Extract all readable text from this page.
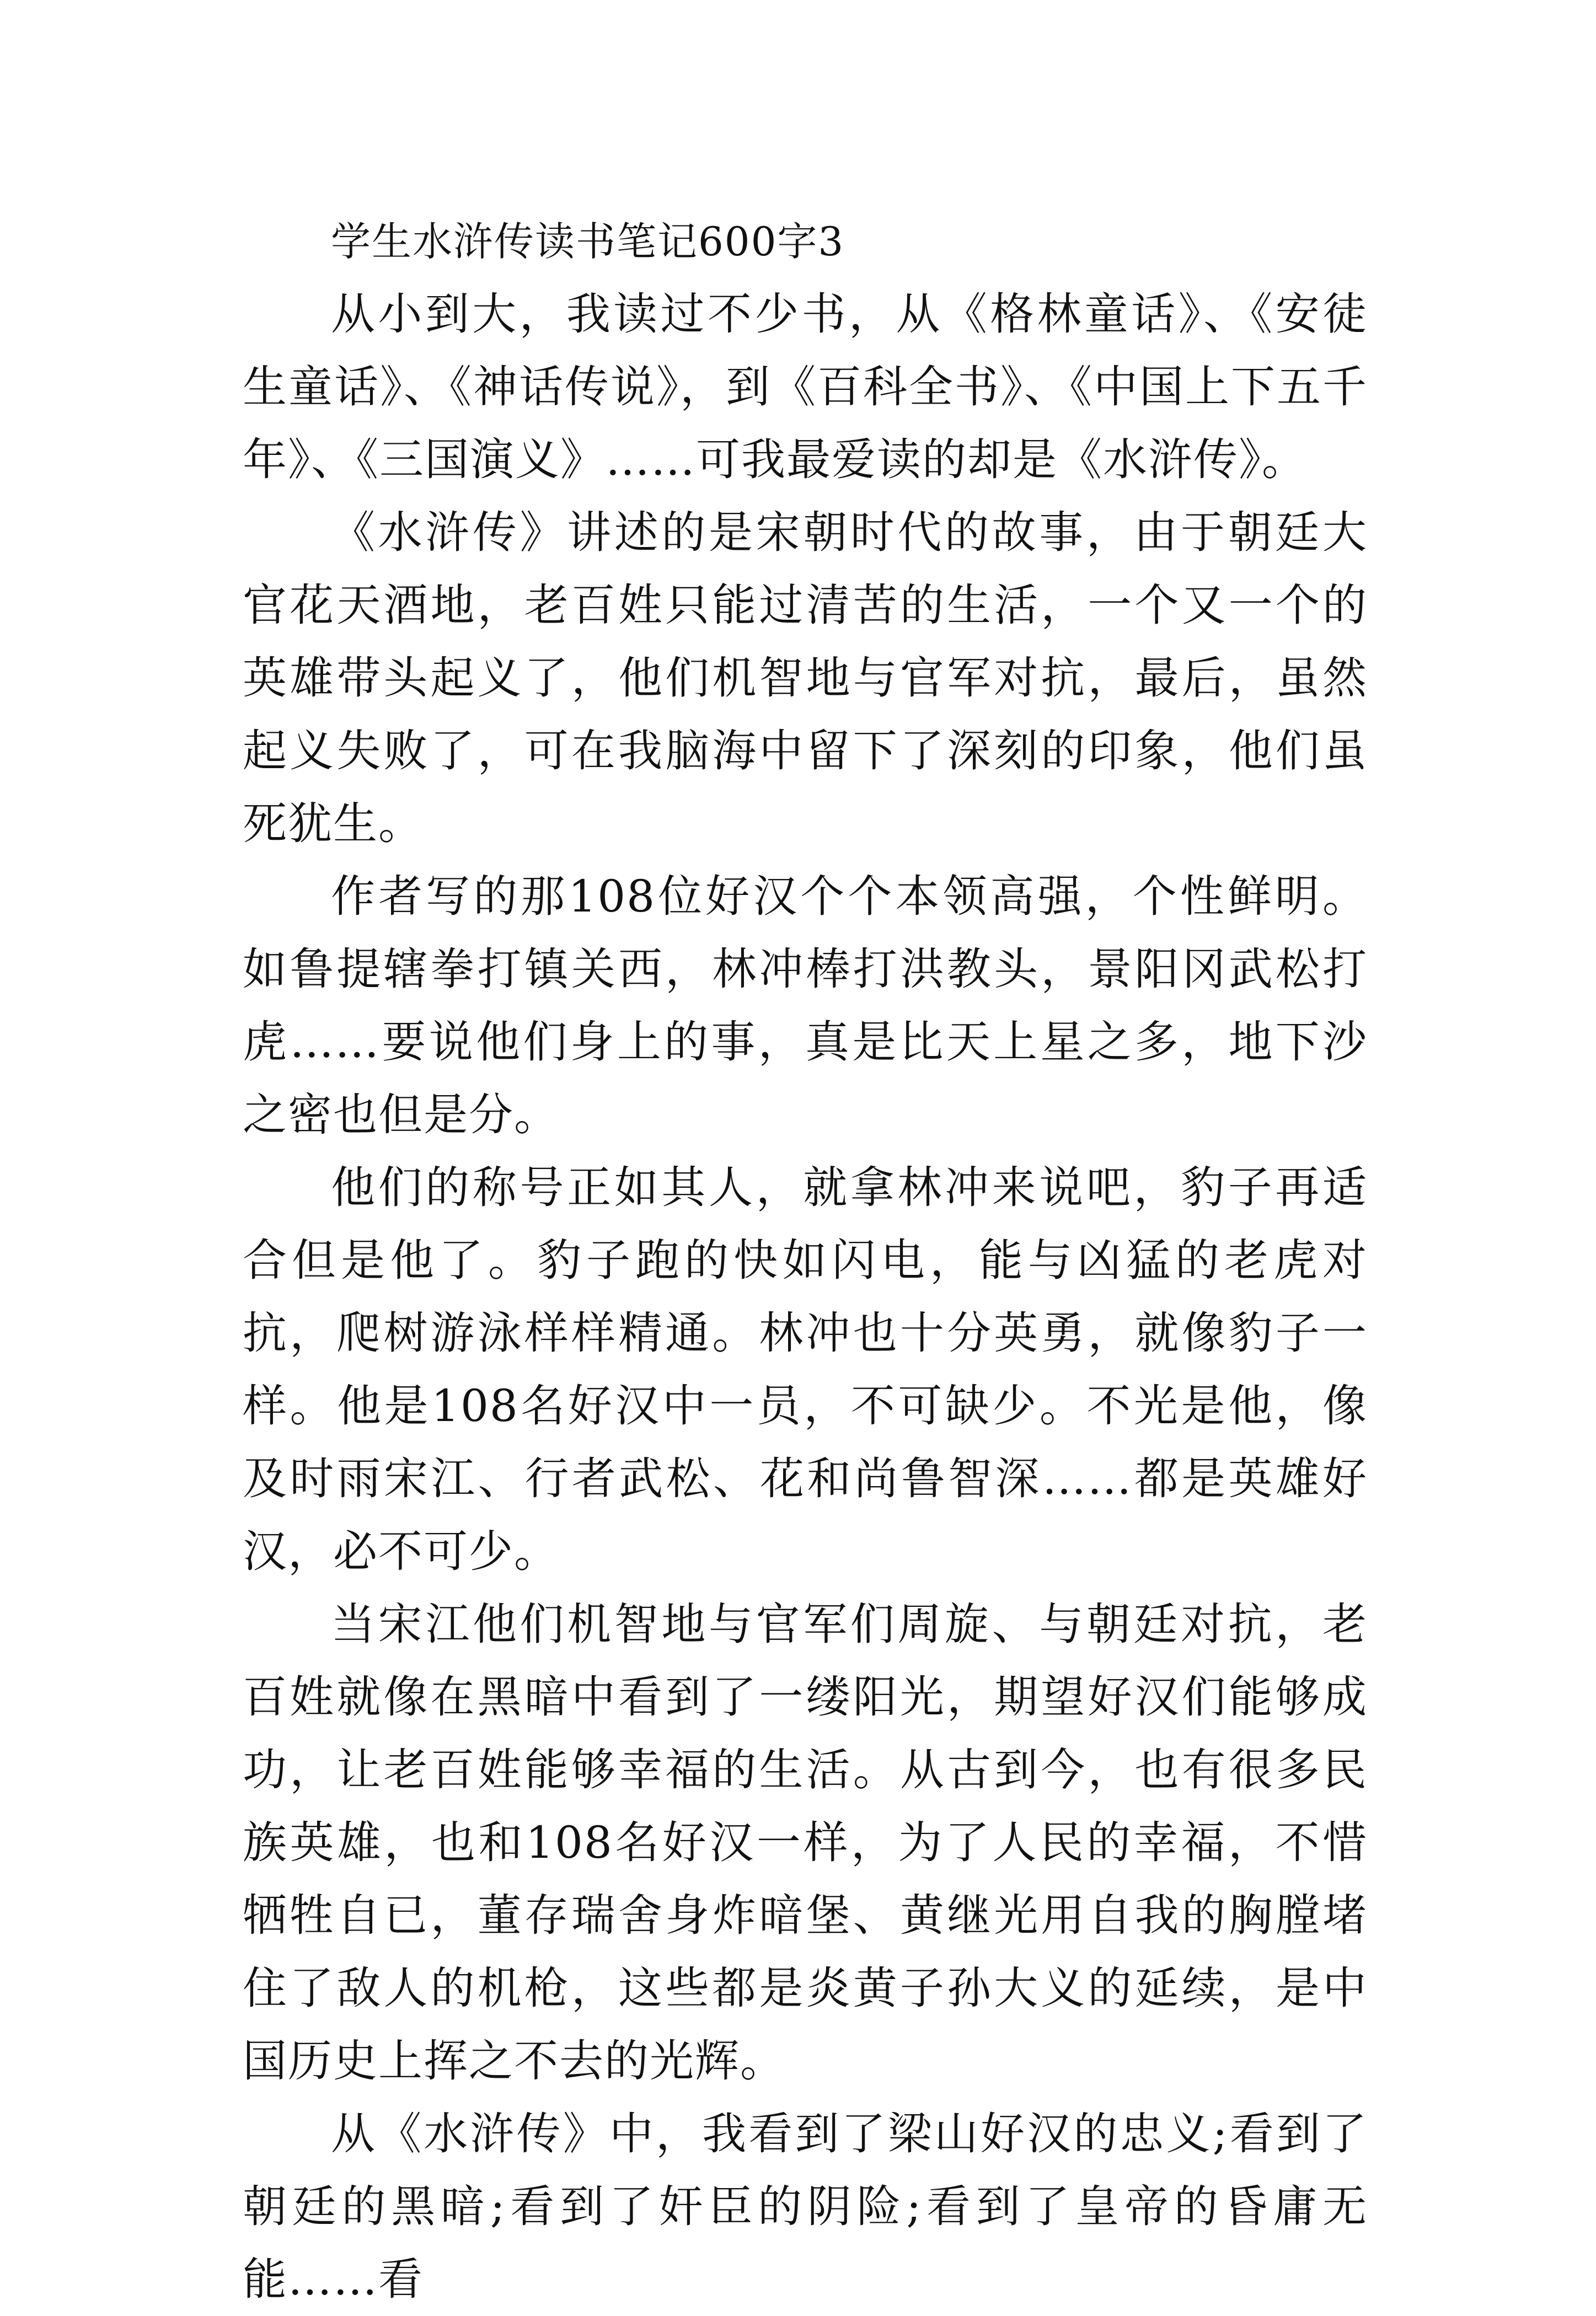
学生水浒传读书笔记600字3

从小到大，我读过不少书，从《格林童话》、《安徒生童话》、《神话传说》，到《百科全书》、《中国上下五千年》、《三国演义》……可我最爱读的却是《水浒传》。

《水浒传》讲述的是宋朝时代的故事，由于朝廷大官花天酒地，老百姓只能过清苦的生活，一个又一个的英雄带头起义了，他们机智地与官军对抗，最后，虽然起义失败了，可在我脑海中留下了深刻的印象，他们虽死犹生。

作者写的那108位好汉个个本领高强，个性鲜明。如鲁提辖拳打镇关西，林冲棒打洪教头，景阳冈武松打虎……要说他们身上的事，真是比天上星之多，地下沙之密也但是分。

他们的称号正如其人，就拿林冲来说吧，豹子再适合但是他了。豹子跑的快如闪电，能与凶猛的老虎对抗，爬树游泳样样精通。林冲也十分英勇，就像豹子一样。他是108名好汉中一员，不可缺少。不光是他，像及时雨宋江、行者武松、花和尚鲁智深……都是英雄好汉，必不可少。

当宋江他们机智地与官军们周旋、与朝廷对抗，老百姓就像在黑暗中看到了一缕阳光，期望好汉们能够成功，让老百姓能够幸福的生活。从古到今，也有很多民族英雄，也和108名好汉一样，为了人民的幸福，不惜牺牲自已，董存瑞舍身炸暗堡、黄继光用自我的胸膛堵住了敌人的机枪，这些都是炎黄子孙大义的延续，是中国历史上挥之不去的光辉。

从《水浒传》中，我看到了梁山好汉的忠义;看到了朝廷的黑暗;看到了奸臣的阴险;看到了皇帝的昏庸无能……看
